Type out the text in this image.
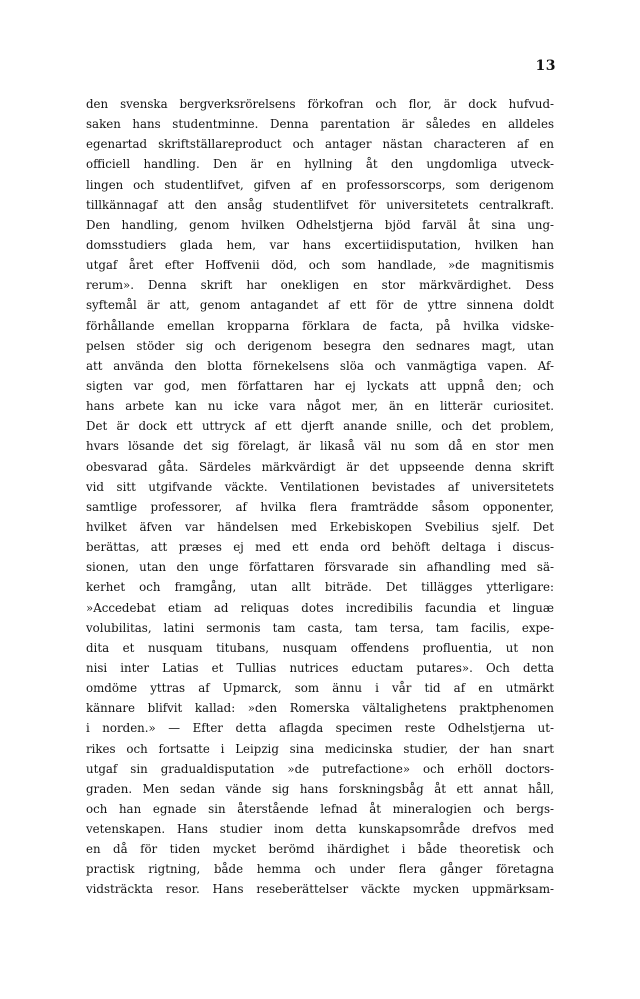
13
den svenska bergverksrörelsens förkofran och flor, är dock hufvud-
saken hans studentminne. Denna parentation är således en alldeles
egenartad skriftställareproduct och antager nästan characteren af en
officiell handling. Den är en hyllning åt den ungdomliga utveck-
lingen och studentlifvet, gifven af en professorscorps, som derigenom
tillkännagaf att den ansåg studentlifvet för universitetets centralkraft.
Den handling, genom hvilken Odhelstjerna bjöd farväl åt sina ung-
domsstudiers glada hem, var hans excertiidisputation, hvilken han
utgaf året efter Hoffvenii död, och som handlade, »de magnitismis
rerum». Denna skrift har onekligen en stor märkvärdighet. Dess
syftemål är att, genom antagandet af ett för de yttre sinnena doldt
förhållande emellan kropparna förklara de facta, på hvilka vidske-
pelsen stöder sig och derigenom besegra den sednares magt, utan
att använda den blotta förnekelsens slöa och vanmägtiga vapen. Af-
sigten var god, men författaren har ej lyckats att uppnå den; och
hans arbete kan nu icke vara något mer, än en litterär curiositet.
Det är dock ett uttryck af ett djerft anande snille, och det problem,
hvars lösande det sig förelagt, är likaså väl nu som då en stor men
obesvarad gåta. Särdeles märkvärdigt är det uppseende denna skrift
vid sitt utgifvande väckte. Ventilationen bevistades af universitetets
samtlige professorer, af hvilka flera framträdde såsom opponenter,
hvilket äfven var händelsen med Erkebiskopen Svebilius sjelf. Det
berättas, att præses ej med ett enda ord behöft deltaga i discus-
sionen, utan den unge författaren försvarade sin afhandling med sä-
kerhet och framgång, utan allt biträde. Det tillägges ytterligare:
»Accedebat etiam ad reliquas dotes incredibilis facundia et linguæ
volubilitas, latini sermonis tam casta, tam tersa, tam facilis, expe-
dita et nusquam titubans, nusquam offendens profluentia, ut non
nisi inter Latias et Tullias nutrices eductam putares». Och detta
omdöme yttras af Upmarck, som ännu i vår tid af en utmärkt
kännare blifvit kallad: »den Romerska vältalighetens praktphenomen
i norden.» — Efter detta aflagda specimen reste Odhelstjerna ut-
rikes och fortsatte i Leipzig sina medicinska studier, der han snart
utgaf sin gradualdisputation »de putrefactione» och erhöll doctors-
graden. Men sedan vände sig hans forskningsbåg åt ett annat håll,
och han egnade sin återstående lefnad åt mineralogien och bergs-
vetenskapen. Hans studier inom detta kunskapsområde drefvos med
en då för tiden mycket berömd ihärdighet i både theoretisk och
practisk rigtning, både hemma och under flera gånger företagna
vidsträckta resor. Hans reseberättelser väckte mycken uppmärksam-
